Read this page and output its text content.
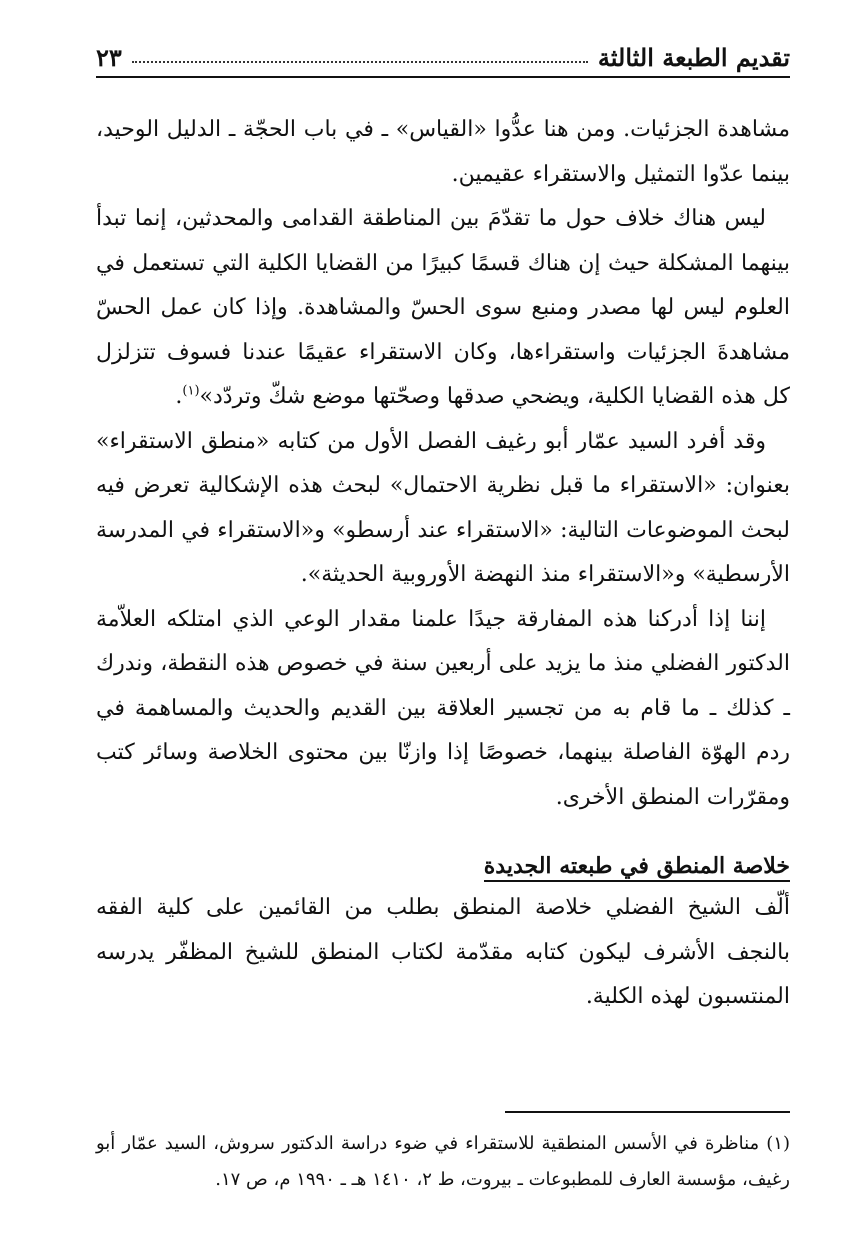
تقديم الطبعة الثالثة
٢٣

مشاهدة الجزئيات. ومن هنا عدُّوا «القياس» ـ في باب الحجّة ـ الدليل الوحيد، بينما عدّوا التمثيل والاستقراء عقيمين.

ليس هناك خلاف حول ما تقدّمَ بين المناطقة القدامى والمحدثين، إنما تبدأ بينهما المشكلة حيث إن هناك قسمًا كبيرًا من القضايا الكلية التي تستعمل في العلوم ليس لها مصدر ومنبع سوى الحسّ والمشاهدة. وإذا كان عمل الحسّ مشاهدةَ الجزئيات واستقراءها، وكان الاستقراء عقيمًا عندنا فسوف تتزلزل كل هذه القضايا الكلية، ويضحي صدقها وصحّتها موضع شكّ وتردّد»$^{(١)}$.

وقد أفرد السيد عمّار أبو رغيف الفصل الأول من كتابه «منطق الاستقراء» بعنوان: «الاستقراء ما قبل نظرية الاحتمال» لبحث هذه الإشكالية تعرض فيه لبحث الموضوعات التالية: «الاستقراء عند أرسطو» و«الاستقراء في المدرسة الأرسطية» و«الاستقراء منذ النهضة الأوروبية الحديثة».

إننا إذا أدركنا هذه المفارقة جيدًا علمنا مقدار الوعي الذي امتلكه العلاّمة الدكتور الفضلي منذ ما يزيد على أربعين سنة في خصوص هذه النقطة، وندرك ـ كذلك ـ ما قام به من تجسير العلاقة بين القديم والحديث والمساهمة في ردم الهوّة الفاصلة بينهما، خصوصًا إذا وازنّا بين محتوى الخلاصة وسائر كتب ومقرّرات المنطق الأخرى.

خلاصة المنطق في طبعته الجديدة

ألّف الشيخ الفضلي خلاصة المنطق بطلب من القائمين على كلية الفقه بالنجف الأشرف ليكون كتابه مقدّمة لكتاب المنطق للشيخ المظفّر يدرسه المنتسبون لهذه الكلية.

(١) مناظرة في الأسس المنطقية للاستقراء في ضوء دراسة الدكتور سروش، السيد عمّار أبو رغيف، مؤسسة العارف للمطبوعات ـ بيروت، ط ٢، ١٤١٠ هـ ـ ١٩٩٠ م، ص ١٧.
